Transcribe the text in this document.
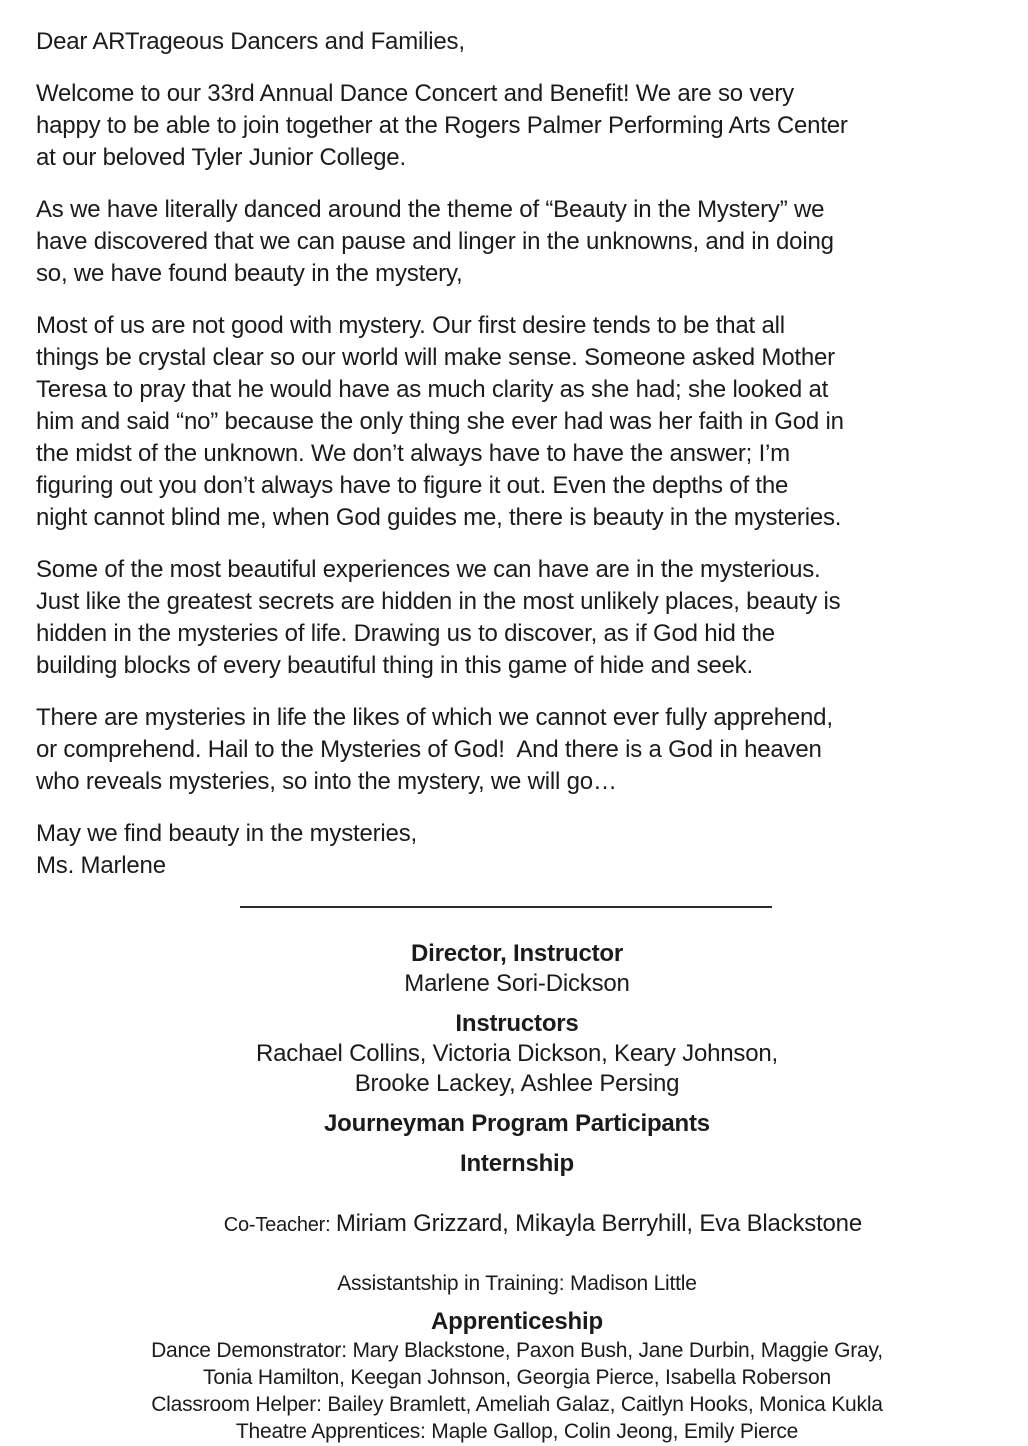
Dear ARTrageous Dancers and Families,
Welcome to our 33rd Annual Dance Concert and Benefit! We are so very
happy to be able to join together at the Rogers Palmer Performing Arts Center
at our beloved Tyler Junior College.
As we have literally danced around the theme of “Beauty in the Mystery” we
have discovered that we can pause and linger in the unknowns, and in doing
so, we have found beauty in the mystery,
Most of us are not good with mystery. Our first desire tends to be that all
things be crystal clear so our world will make sense. Someone asked Mother
Teresa to pray that he would have as much clarity as she had; she looked at
him and said “no” because the only thing she ever had was her faith in God in
the midst of the unknown. We don’t always have to have the answer; I’m
figuring out you don’t always have to figure it out. Even the depths of the
night cannot blind me, when God guides me, there is beauty in the mysteries.
Some of the most beautiful experiences we can have are in the mysterious.
Just like the greatest secrets are hidden in the most unlikely places, beauty is
hidden in the mysteries of life. Drawing us to discover, as if God hid the
building blocks of every beautiful thing in this game of hide and seek.
There are mysteries in life the likes of which we cannot ever fully apprehend,
or comprehend. Hail to the Mysteries of God!  And there is a God in heaven
who reveals mysteries, so into the mystery, we will go…
May we find beauty in the mysteries,
Ms. Marlene
Director, Instructor
Marlene Sori-Dickson
Instructors
Rachael Collins, Victoria Dickson, Keary Johnson,
Brooke Lackey, Ashlee Persing
Journeyman Program Participants
Internship

Co-Teacher: Miriam Grizzard, Mikayla Berryhill, Eva Blackstone

Assistantship in Training: Madison Little
Apprenticeship
Dance Demonstrator: Mary Blackstone, Paxon Bush, Jane Durbin, Maggie Gray,
Tonia Hamilton, Keegan Johnson, Georgia Pierce, Isabella Roberson
Classroom Helper: Bailey Bramlett, Ameliah Galaz, Caitlyn Hooks, Monica Kukla
Theatre Apprentices: Maple Gallop, Colin Jeong, Emily Pierce
